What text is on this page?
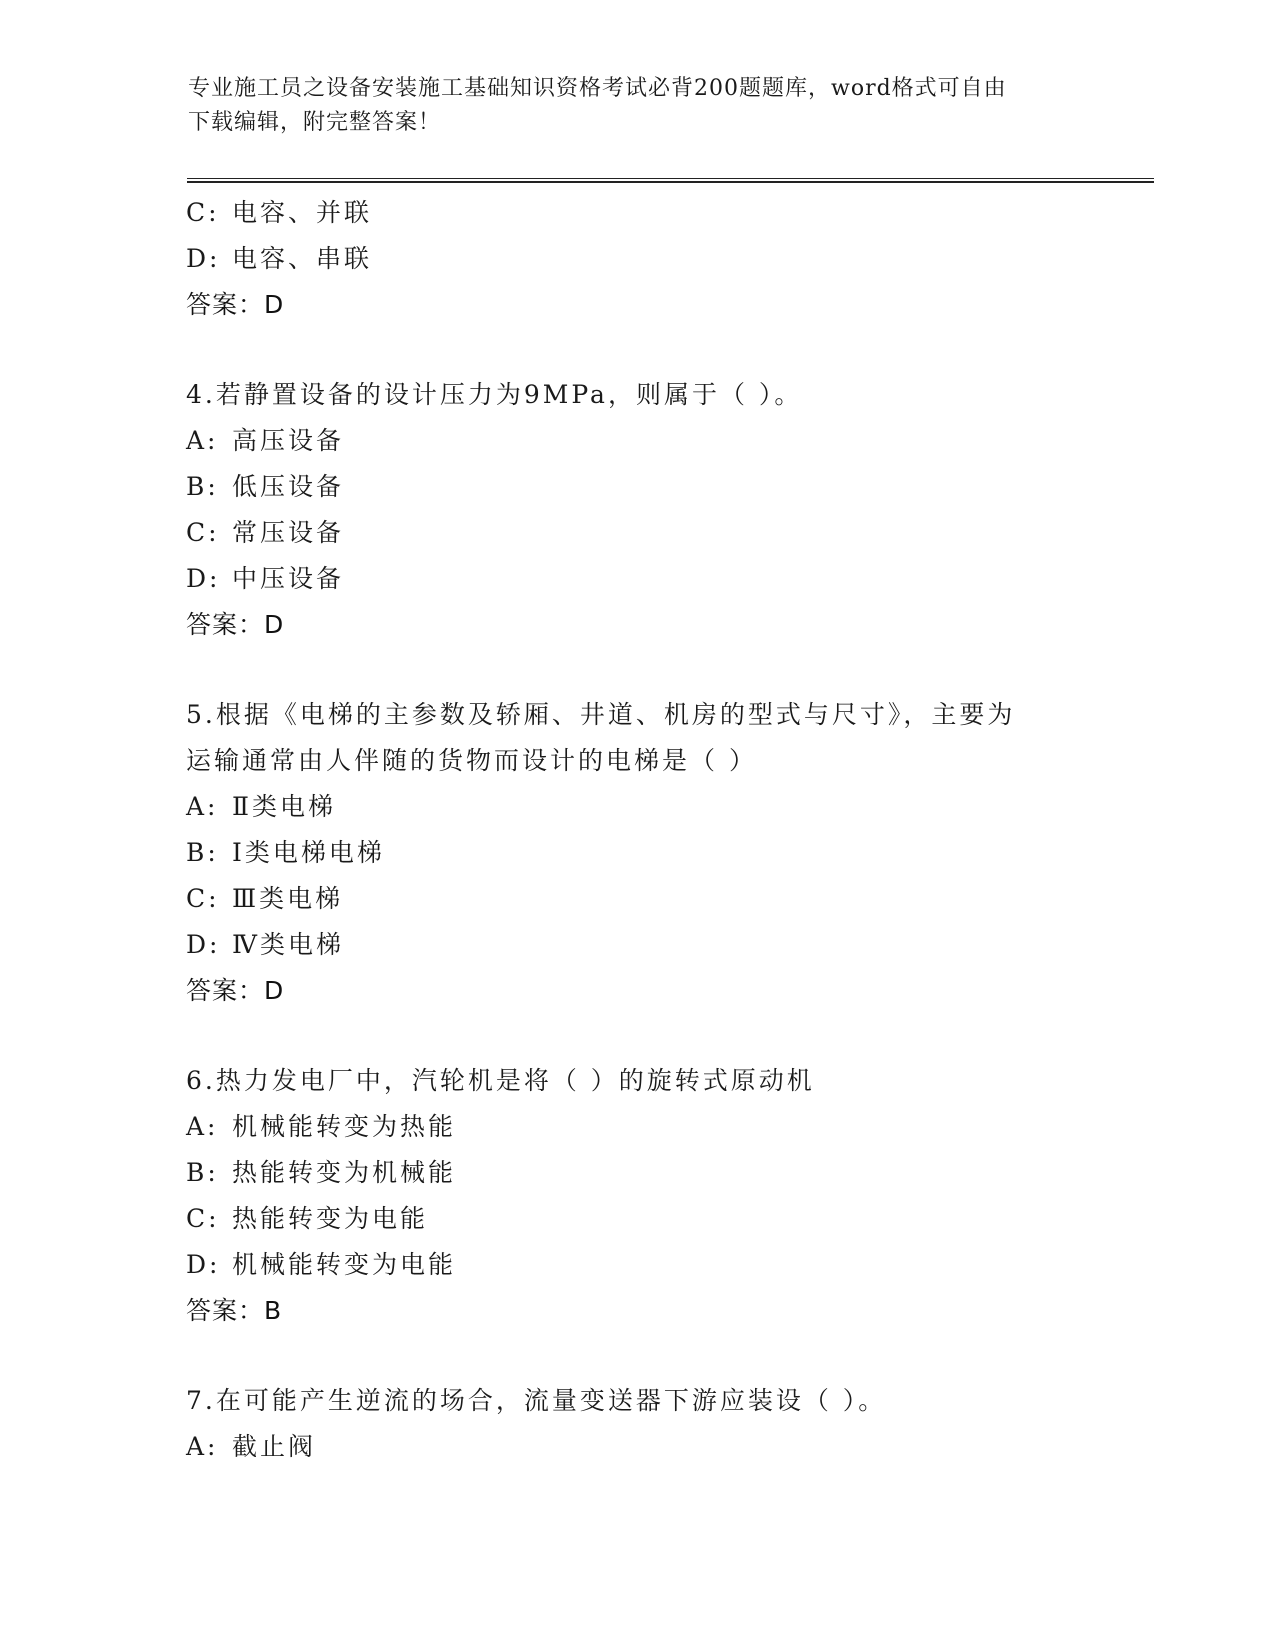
专业施工员之设备安装施工基础知识资格考试必背200题题库，word格式可自由
下载编辑，附完整答案！
C: 电容、并联
D: 电容、串联
答案：D
4.若静置设备的设计压力为9MPa，则属于（ ）。
A: 高压设备
B: 低压设备
C: 常压设备
D: 中压设备
答案：D
5.根据《电梯的主参数及轿厢、井道、机房的型式与尺寸》，主要为
运输通常由人伴随的货物而设计的电梯是（ ）
A: Ⅱ类电梯
B: Ⅰ类电梯电梯
C: Ⅲ类电梯
D: Ⅳ类电梯
答案：D
6.热力发电厂中，汽轮机是将（ ）的旋转式原动机
A: 机械能转变为热能
B: 热能转变为机械能
C: 热能转变为电能
D: 机械能转变为电能
答案：B
7.在可能产生逆流的场合，流量变送器下游应装设（ ）。
A: 截止阀
